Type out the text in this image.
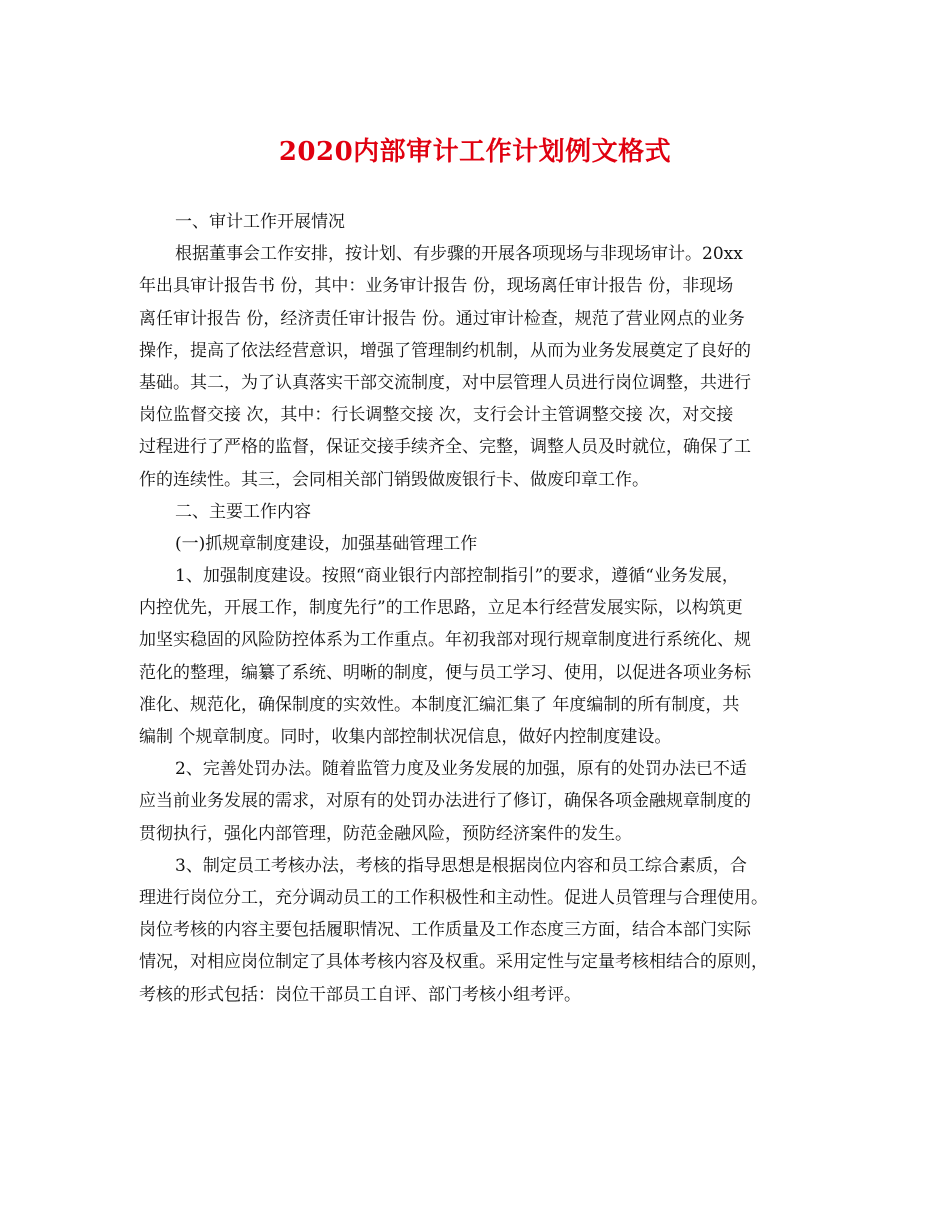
2020内部审计工作计划例文格式
一、审计工作开展情况
根据董事会工作安排，按计划、有步骤的开展各项现场与非现场审计。20xx
年出具审计报告书 份，其中：业务审计报告 份，现场离任审计报告 份，非现场
离任审计报告 份，经济责任审计报告 份。通过审计检查，规范了营业网点的业务
操作，提高了依法经营意识，增强了管理制约机制，从而为业务发展奠定了良好的
基础。其二，为了认真落实干部交流制度，对中层管理人员进行岗位调整，共进行
岗位监督交接 次，其中：行长调整交接 次，支行会计主管调整交接 次，对交接
过程进行了严格的监督，保证交接手续齐全、完整，调整人员及时就位，确保了工
作的连续性。其三，会同相关部门销毁做废银行卡、做废印章工作。
二、主要工作内容
(一)抓规章制度建设，加强基础管理工作
1、加强制度建设。按照“商业银行内部控制指引”的要求，遵循“业务发展，
内控优先，开展工作，制度先行”的工作思路，立足本行经营发展实际，以构筑更
加坚实稳固的风险防控体系为工作重点。年初我部对现行规章制度进行系统化、规
范化的整理，编纂了系统、明晰的制度，便与员工学习、使用，以促进各项业务标
准化、规范化，确保制度的实效性。本制度汇编汇集了 年度编制的所有制度，共
编制 个规章制度。同时，收集内部控制状况信息，做好内控制度建设。
2、完善处罚办法。随着监管力度及业务发展的加强，原有的处罚办法已不适
应当前业务发展的需求，对原有的处罚办法进行了修订，确保各项金融规章制度的
贯彻执行，强化内部管理，防范金融风险，预防经济案件的发生。
3、制定员工考核办法，考核的指导思想是根据岗位内容和员工综合素质，合
理进行岗位分工，充分调动员工的工作积极性和主动性。促进人员管理与合理使用。
岗位考核的内容主要包括履职情况、工作质量及工作态度三方面，结合本部门实际
情况，对相应岗位制定了具体考核内容及权重。采用定性与定量考核相结合的原则，
考核的形式包括：岗位干部员工自评、部门考核小组考评。
